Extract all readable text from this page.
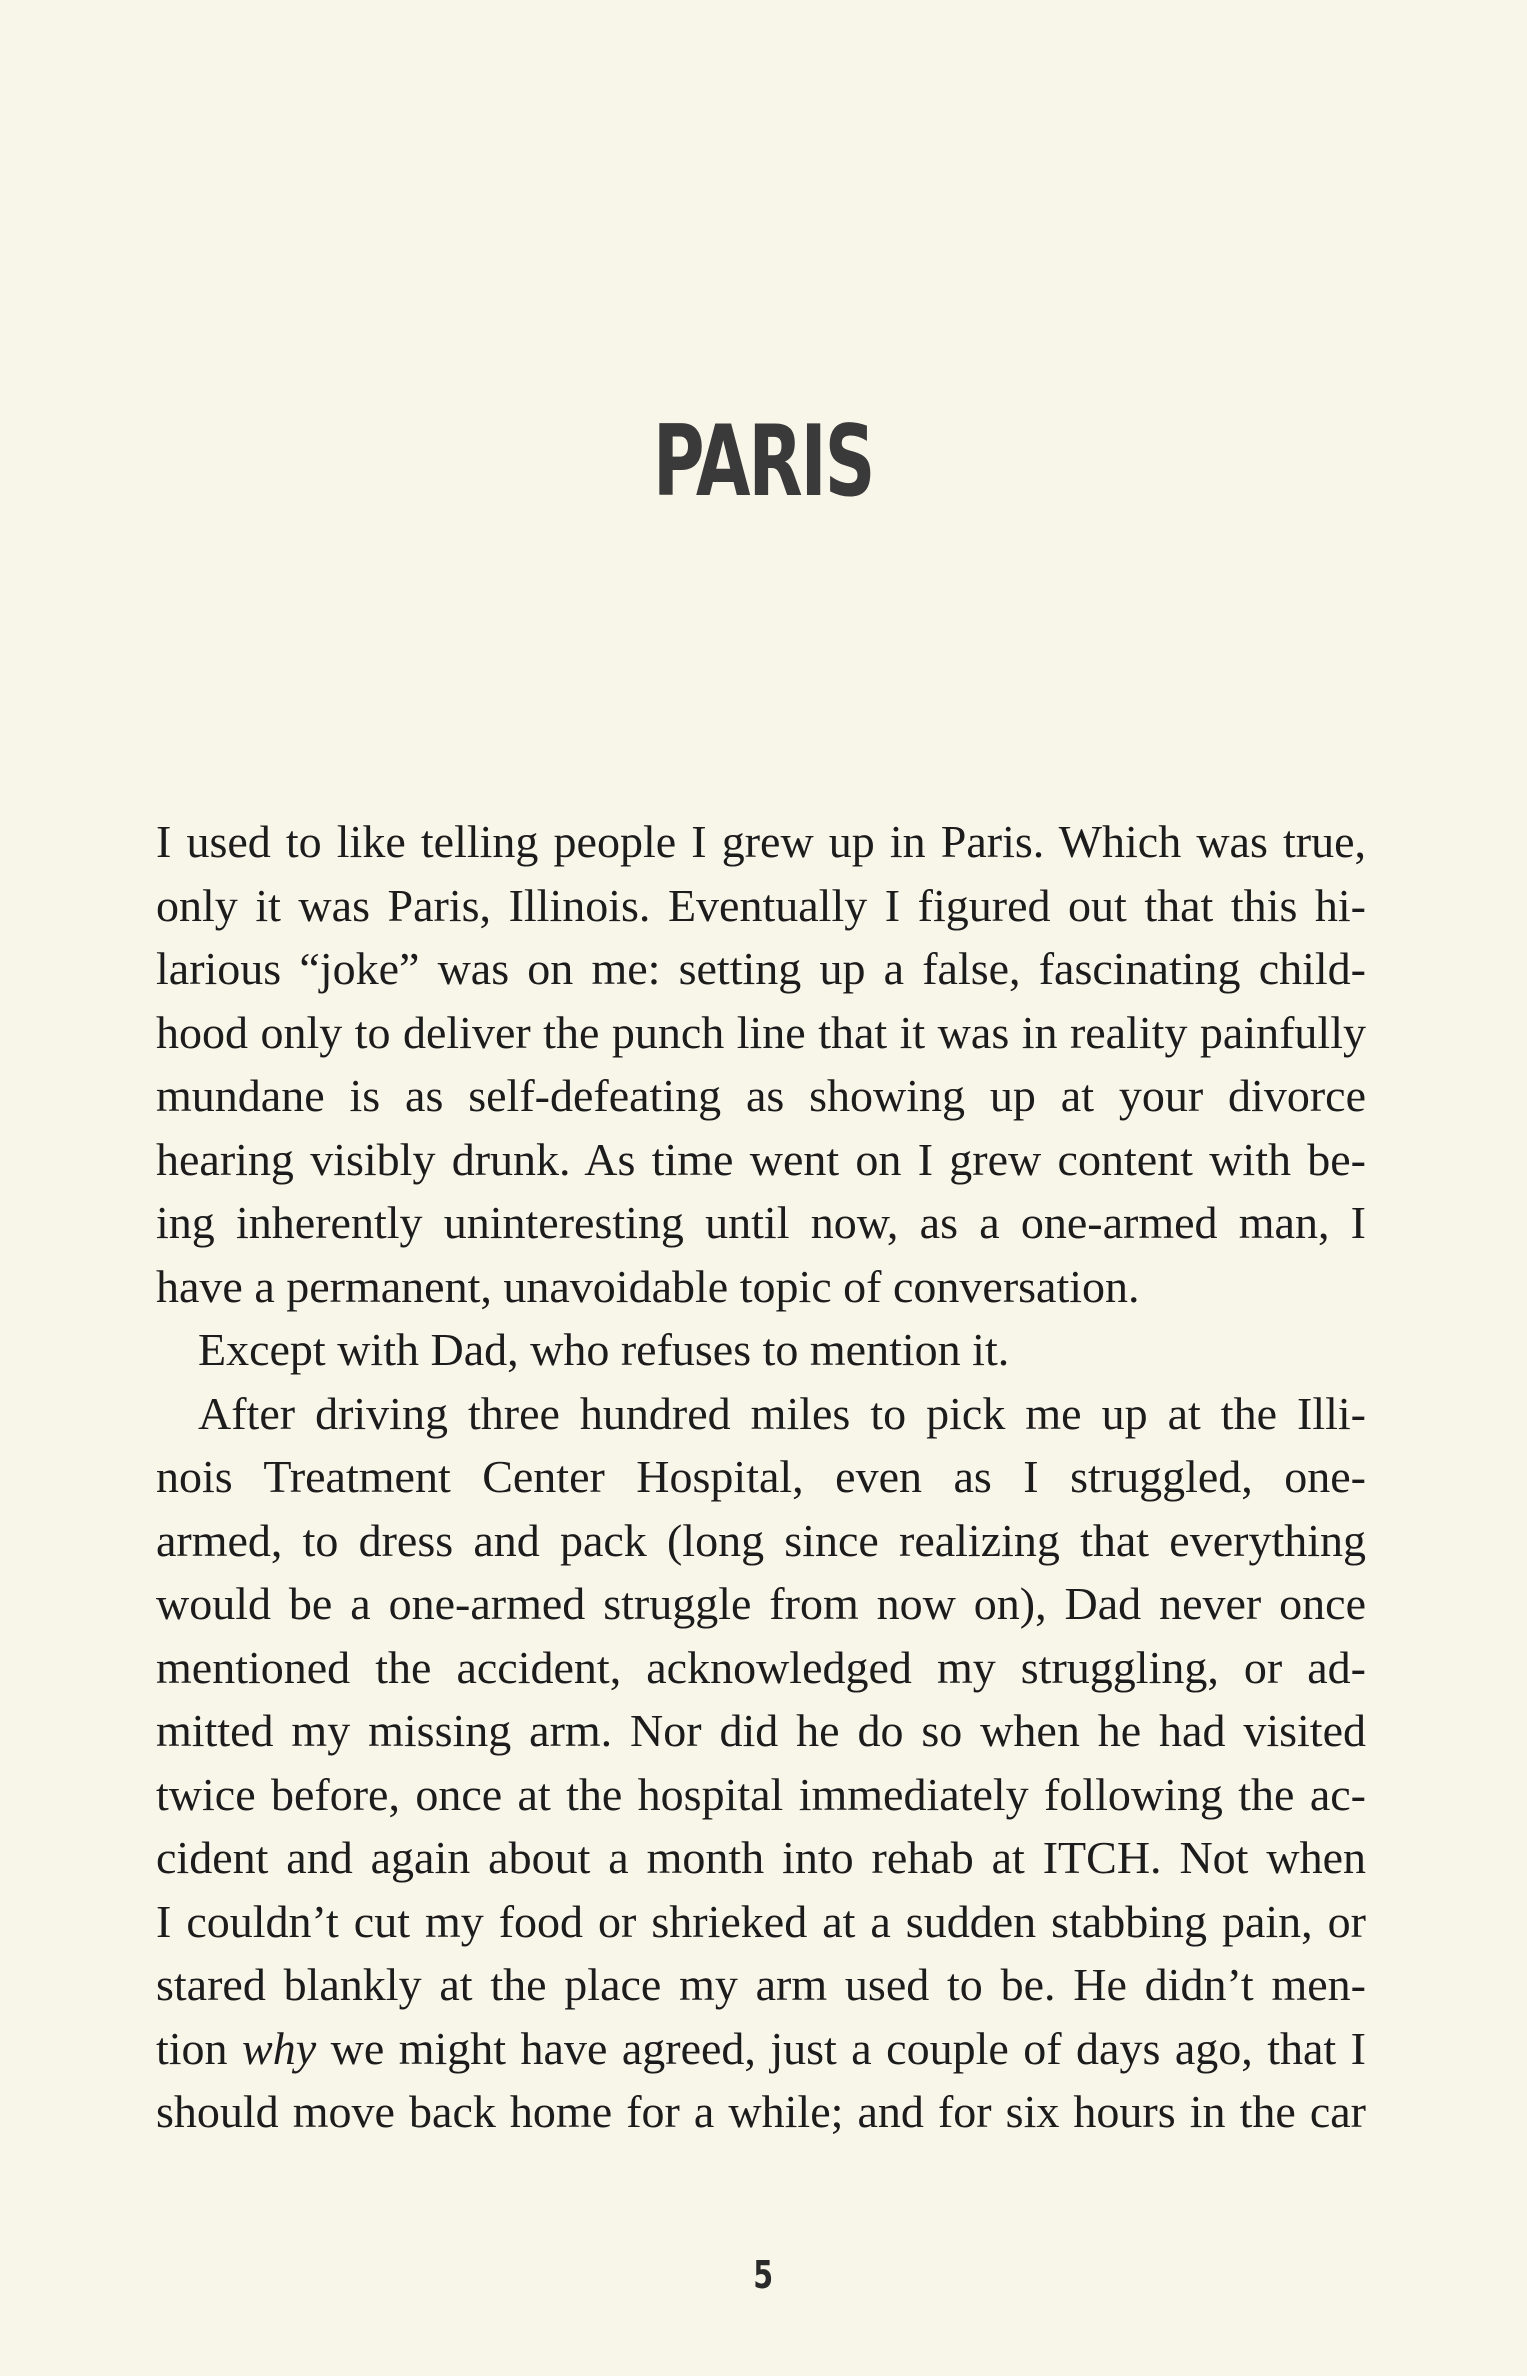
PARIS

I used to like telling people I grew up in Paris. Which was true,
only it was Paris, Illinois. Eventually I figured out that this hi-
larious “joke” was on me: setting up a false, fascinating child-
hood only to deliver the punch line that it was in reality painfully
mundane is as self-defeating as showing up at your divorce
hearing visibly drunk. As time went on I grew content with be-
ing inherently uninteresting until now, as a one-armed man, I
have a permanent, unavoidable topic of conversation.

Except with Dad, who refuses to mention it.

After driving three hundred miles to pick me up at the Illi-
nois Treatment Center Hospital, even as I struggled, one-
armed, to dress and pack (long since realizing that everything
would be a one-armed struggle from now on), Dad never once
mentioned the accident, acknowledged my struggling, or ad-
mitted my missing arm. Nor did he do so when he had visited
twice before, once at the hospital immediately following the ac-
cident and again about a month into rehab at ITCH. Not when
I couldn’t cut my food or shrieked at a sudden stabbing pain, or
stared blankly at the place my arm used to be. He didn’t men-
tion why we might have agreed, just a couple of days ago, that I
should move back home for a while; and for six hours in the car

5
